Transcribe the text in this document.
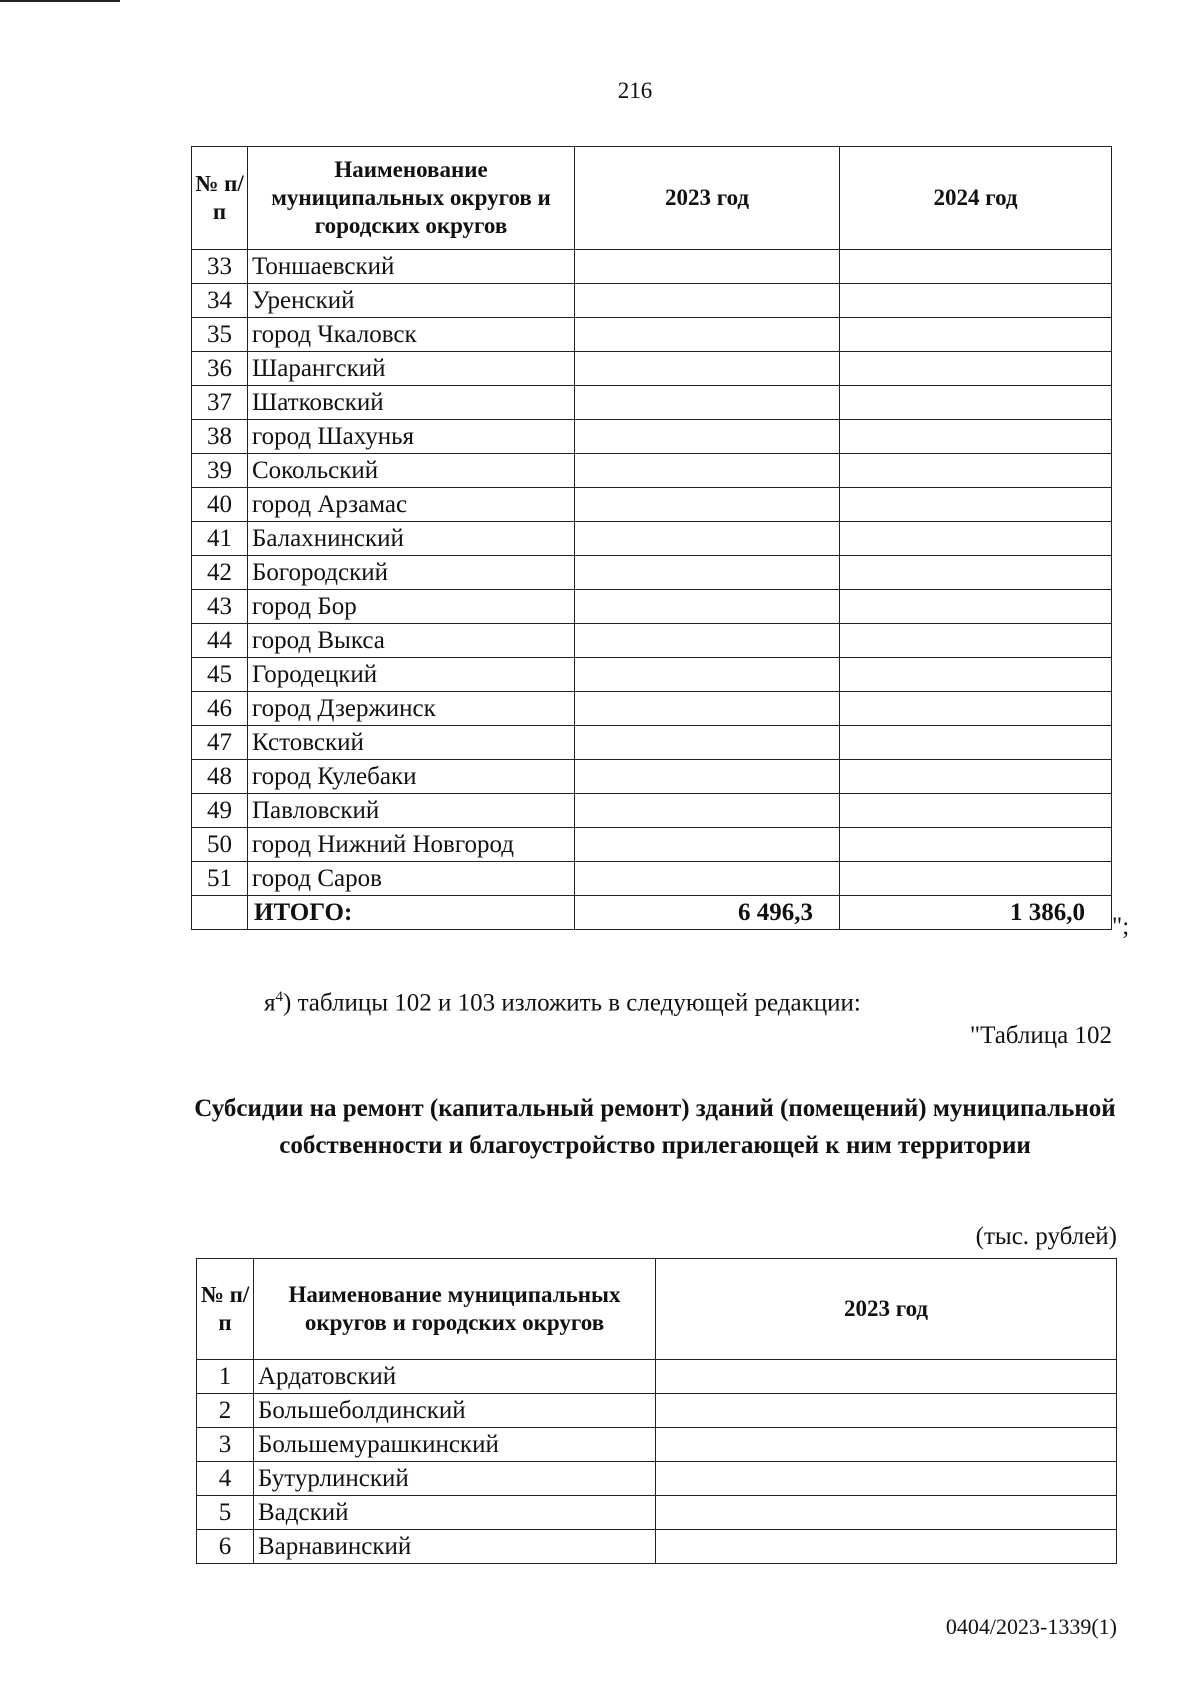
216
№ п/п	Наименование муниципальных округов и городских округов	2023 год	2024 год
33	Тоншаевский		
34	Уренский		
35	город Чкаловск		
36	Шарангский		
37	Шатковский		
38	город Шахунья		
39	Сокольский		
40	город Арзамас		
41	Балахнинский		
42	Богородский		
43	город Бор		
44	город Выкса		
45	Городецкий		
46	город Дзержинск		
47	Кстовский		
48	город Кулебаки		
49	Павловский		
50	город Нижний Новгород		
51	город Саров		
	ИТОГО:	6 496,3	1 386,0
";
$я^4$) таблицы 102 и 103 изложить в следующей редакции:
"Таблица 102
Субсидии на ремонт (капитальный ремонт) зданий (помещений) муниципальной собственности и благоустройство прилегающей к ним территории
(тыс. рублей)
№ п/п	Наименование муниципальных округов и городских округов	2023 год
1	Ардатовский	
2	Большеболдинский	
3	Большемурашкинский	
4	Бутурлинский	
5	Вадский	
6	Варнавинский	
0404/2023-1339(1)
